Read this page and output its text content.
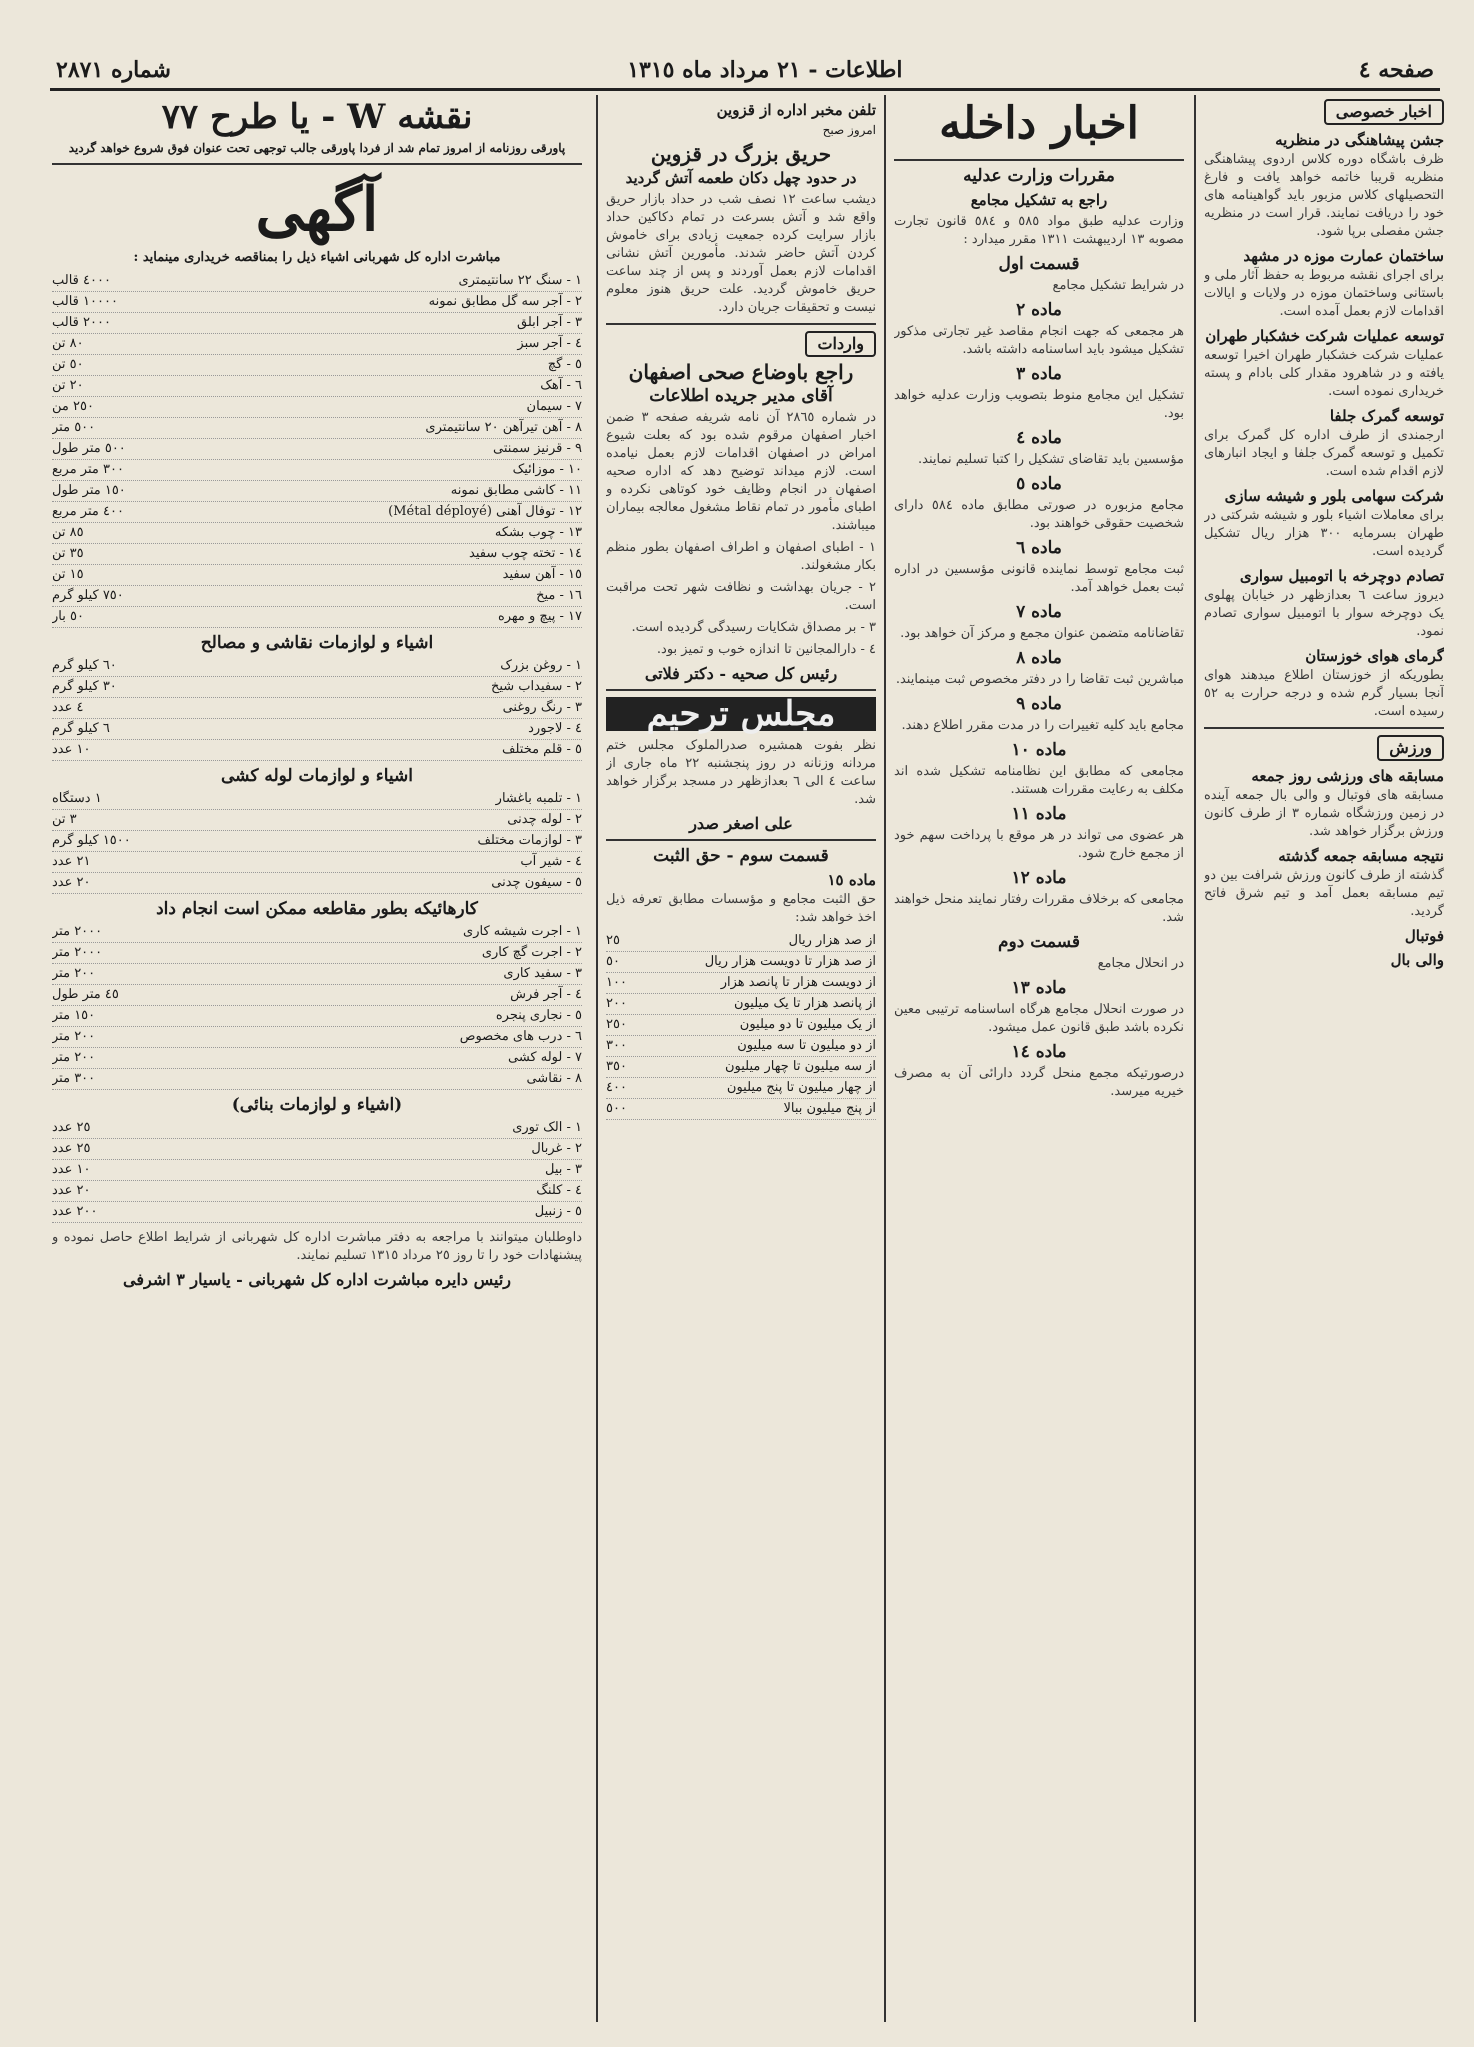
صفحه ٤
اطلاعات - ٢١ مرداد ماه ١٣١٥
شماره ٢٨٧١
اخبار خصوصی
جشن پیشاهنگی در منظریه

ظرف باشگاه دوره کلاس اردوی پیشاهنگی منظریه قریبا خاتمه خواهد یافت و فارغ التحصیلهای کلاس مزبور باید گواهینامه های خود را دریافت نمایند. قرار است در منظریه جشن مفصلی برپا شود.

ساختمان عمارت موزه در مشهد

برای اجرای نقشه مربوط به حفظ آثار ملی و باستانی وساختمان موزه در ولایات و ایالات اقدامات لازم بعمل آمده است.

توسعه عملیات شرکت خشکبار طهران

عملیات شرکت خشکبار طهران اخیرا توسعه یافته و در شاهرود مقدار کلی بادام و پسته خریداری نموده است.

توسعه گمرک جلفا

ارجمندی از طرف اداره کل گمرک برای تکمیل و توسعه گمرک جلفا و ایجاد انبارهای لازم اقدام شده است.

شرکت سهامی بلور و شیشه سازی

برای معاملات اشیاء بلور و شیشه شرکتی در طهران بسرمایه ٣٠٠ هزار ریال تشکیل گردیده است.

تصادم دوچرخه با اتومبیل سواری

دیروز ساعت ٦ بعدازظهر در خیابان پهلوی یک دوچرخه سوار با اتومبیل سواری تصادم نمود.

گرمای هوای خوزستان

بطوریکه از خوزستان اطلاع میدهند هوای آنجا بسیار گرم شده و درجه حرارت به ٥٢ رسیده است.

ورزش
مسابقه های ورزشی روز جمعه

مسابقه های فوتبال و والی بال جمعه آینده در زمین ورزشگاه شماره ٣ از طرف کانون ورزش برگزار خواهد شد.

نتیجه مسابقه جمعه گذشته

گذشته از طرف کانون ورزش شرافت بین دو تیم مسابقه بعمل آمد و تیم شرق فاتح گردید.

فوتبال
والی بال
اخبار داخله
مقررات وزارت عدلیه
راجع به تشکیل مجامع

وزارت عدلیه طبق مواد ٥٨٥ و ٥٨٤ قانون تجارت مصوبه ١٣ اردیبهشت ١٣١١ مقرر میدارد :

قسمت اول

در شرایط تشکیل مجامع

ماده ٢

هر مجمعی که جهت انجام مقاصد غیر تجارتی مذکور تشکیل میشود باید اساسنامه داشته باشد.

ماده ٣

تشکیل این مجامع منوط بتصویب وزارت عدلیه خواهد بود.

ماده ٤

مؤسسین باید تقاضای تشکیل را کتبا تسلیم نمایند.

ماده ٥

مجامع مزبوره در صورتی مطابق ماده ٥٨٤ دارای شخصیت حقوقی خواهند بود.

ماده ٦

ثبت مجامع توسط نماینده قانونی مؤسسین در اداره ثبت بعمل خواهد آمد.

ماده ٧

تقاضانامه متضمن عنوان مجمع و مرکز آن خواهد بود.

ماده ٨

مباشرین ثبت تقاضا را در دفتر مخصوص ثبت مینمایند.

ماده ٩

مجامع باید کلیه تغییرات را در مدت مقرر اطلاع دهند.

ماده ١٠

مجامعی که مطابق این نظامنامه تشکیل شده اند مکلف به رعایت مقررات هستند.

ماده ١١

هر عضوی می تواند در هر موقع با پرداخت سهم خود از مجمع خارج شود.

ماده ١٢

مجامعی که برخلاف مقررات رفتار نمایند منحل خواهند شد.

قسمت دوم

در انحلال مجامع

ماده ١٣

در صورت انحلال مجامع هرگاه اساسنامه ترتیبی معین نکرده باشد طبق قانون عمل میشود.

ماده ١٤

درصورتیکه مجمع منحل گردد دارائی آن به مصرف خیریه میرسد.

تلفن مخبر اداره از قزوین
امروز صبح
حریق بزرگ در قزوین
در حدود چهل دکان طعمه آتش گردید

دیشب ساعت ١٢ نصف شب در حداد بازار حریق واقع شد و آتش بسرعت در تمام دکاکین حداد بازار سرایت کرده جمعیت زیادی برای خاموش کردن آتش حاضر شدند. مأمورین آتش نشانی اقدامات لازم بعمل آوردند و پس از چند ساعت حریق خاموش گردید. علت حریق هنوز معلوم نیست و تحقیقات جریان دارد.

واردات
راجع باوضاع صحی اصفهان
آقای مدیر جریده اطلاعات

در شماره ٢٨٦٥ آن نامه شریفه صفحه ٣ ضمن اخبار اصفهان مرقوم شده بود که بعلت شیوع امراض در اصفهان اقدامات لازم بعمل نیامده است. لازم میداند توضیح دهد که اداره صحیه اصفهان در انجام وظایف خود کوتاهی نکرده و اطبای مأمور در تمام نقاط مشغول معالجه بیماران میباشند.

١ - اطبای اصفهان و اطراف اصفهان بطور منظم بکار مشغولند.

٢ - جریان بهداشت و نظافت شهر تحت مراقبت است.

٣ - بر مصداق شکایات رسیدگی گردیده است.

٤ - دارالمجانین تا اندازه خوب و تمیز بود.

رئیس کل صحیه - دکتر فلاتی
مجلس ترحیم

نظر بفوت همشیره صدرالملوک مجلس ختم مردانه وزنانه در روز پنجشنبه ٢٢ ماه جاری از ساعت ٤ الی ٦ بعدازظهر در مسجد برگزار خواهد شد.

علی اصغر صدر
قسمت سوم - حق الثبت
ماده ١٥

حق الثبت مجامع و مؤسسات مطابق تعرفه ذیل اخذ خواهد شد:

از صد هزار ریال
٢٥
از صد هزار تا دویست هزار ریال
٥٠
از دویست هزار تا پانصد هزار
١٠٠
از پانصد هزار تا یک میلیون
٢٠٠
از یک میلیون تا دو میلیون
٢٥٠
از دو میلیون تا سه میلیون
٣٠٠
از سه میلیون تا چهار میلیون
٣٥٠
از چهار میلیون تا پنج میلیون
٤٠٠
از پنج میلیون ببالا
٥٠٠
نقشه W - یا طرح ۷۷

پاورقی روزنامه از امروز تمام شد از فردا پاورقی جالب توجهی تحت عنوان فوق شروع خواهد گردید

آگهی

مباشرت اداره کل شهربانی اشیاء ذیل را بمناقصه خریداری مینماید :

١ - سنگ ٢٢ سانتیمتری
٤٠٠٠ قالب
٢ - آجر سه گل مطابق نمونه
١٠٠٠٠ قالب
٣ - آجر ابلق
٢٠٠٠ قالب
٤ - آجر سبز
٨٠ تن
٥ - گچ
٥٠ تن
٦ - آهک
٢٠ تن
٧ - سیمان
٢٥٠ من
٨ - آهن تیرآهن ٢٠ سانتیمتری
٥٠٠ متر
٩ - قرنیز سمنتی
٥٠٠ متر طول
١٠ - موزائیک
٣٠٠ متر مربع
١١ - کاشی مطابق نمونه
١٥٠ متر طول
١٢ - توفال آهنی (Métal déployé)
٤٠٠ متر مربع
١٣ - چوب بشکه
٨٥ تن
١٤ - تخته چوب سفید
٣٥ تن
١٥ - آهن سفید
١٥ تن
١٦ - میخ
٧٥٠ کیلو گرم
١٧ - پیچ و مهره
٥٠ بار
اشیاء و لوازمات نقاشی و مصالح
١ - روغن بزرک
٦٠ کیلو گرم
٢ - سفیداب شیخ
٣٠ کیلو گرم
٣ - رنگ روغنی
٤ عدد
٤ - لاجورد
٦ کیلو گرم
٥ - قلم مختلف
١٠ عدد
اشیاء و لوازمات لوله کشی
١ - تلمبه باغشار
١ دستگاه
٢ - لوله چدنی
٣ تن
٣ - لوازمات مختلف
١٥٠٠ کیلو گرم
٤ - شیر آب
٢١ عدد
٥ - سیفون چدنی
٢٠ عدد
کارهائیکه بطور مقاطعه ممکن است انجام داد
١ - اجرت شیشه کاری
٢٠٠٠ متر
٢ - اجرت گچ کاری
٢٠٠٠ متر
٣ - سفید کاری
٢٠٠ متر
٤ - آجر فرش
٤٥ متر طول
٥ - نجاری پنجره
١٥٠ متر
٦ - درب های مخصوص
٢٠٠ متر
٧ - لوله کشی
٢٠٠ متر
٨ - نقاشی
٣٠٠ متر
(اشیاء و لوازمات بنائی)
١ - الک توری
٢٥ عدد
٢ - غربال
٢٥ عدد
٣ - بیل
١٠ عدد
٤ - کلنگ
٢٠ عدد
٥ - زنبیل
٢٠٠ عدد

داوطلبان میتوانند با مراجعه به دفتر مباشرت اداره کل شهربانی از شرایط اطلاع حاصل نموده و پیشنهادات خود را تا روز ٢٥ مرداد ١٣١٥ تسلیم نمایند.

رئیس دایره مباشرت اداره کل شهربانی - یاسیار ٣ اشرفی
